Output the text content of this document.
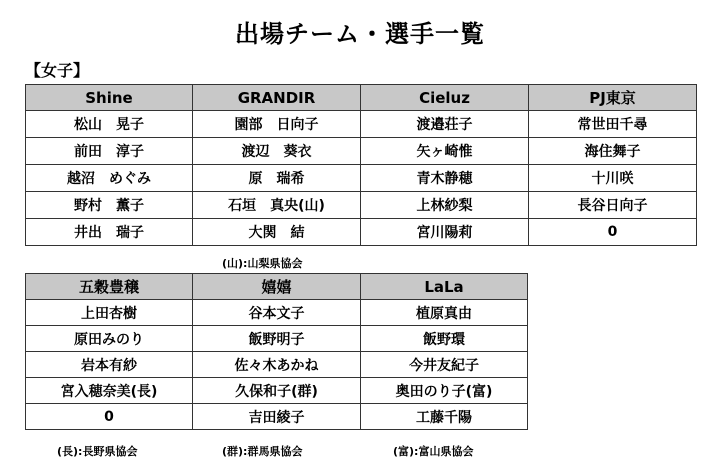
出場チーム・選手一覧
【女子】
Shine	GRANDIR	Cieluz	PJ東京
松山　晃子	園部　日向子	渡邉荘子	常世田千尋
前田　淳子	渡辺　葵衣	矢ヶ崎惟	海住舞子
越沼　めぐみ	原　瑞希	青木静穂	十川咲
野村　薫子	石垣　真央(山)	上林紗梨	長谷日向子
井出　瑞子	大関　結	宮川陽莉	0
(山):山梨県協会
五穀豊穣	嬉嬉	LaLa
上田杏樹	谷本文子	植原真由
原田みのり	飯野明子	飯野環
岩本有紗	佐々木あかね	今井友紀子
宮入穂奈美(長)	久保和子(群)	奥田のり子(富)
0	吉田綾子	工藤千陽
(長):長野県協会	(群):群馬県協会	(富):富山県協会
